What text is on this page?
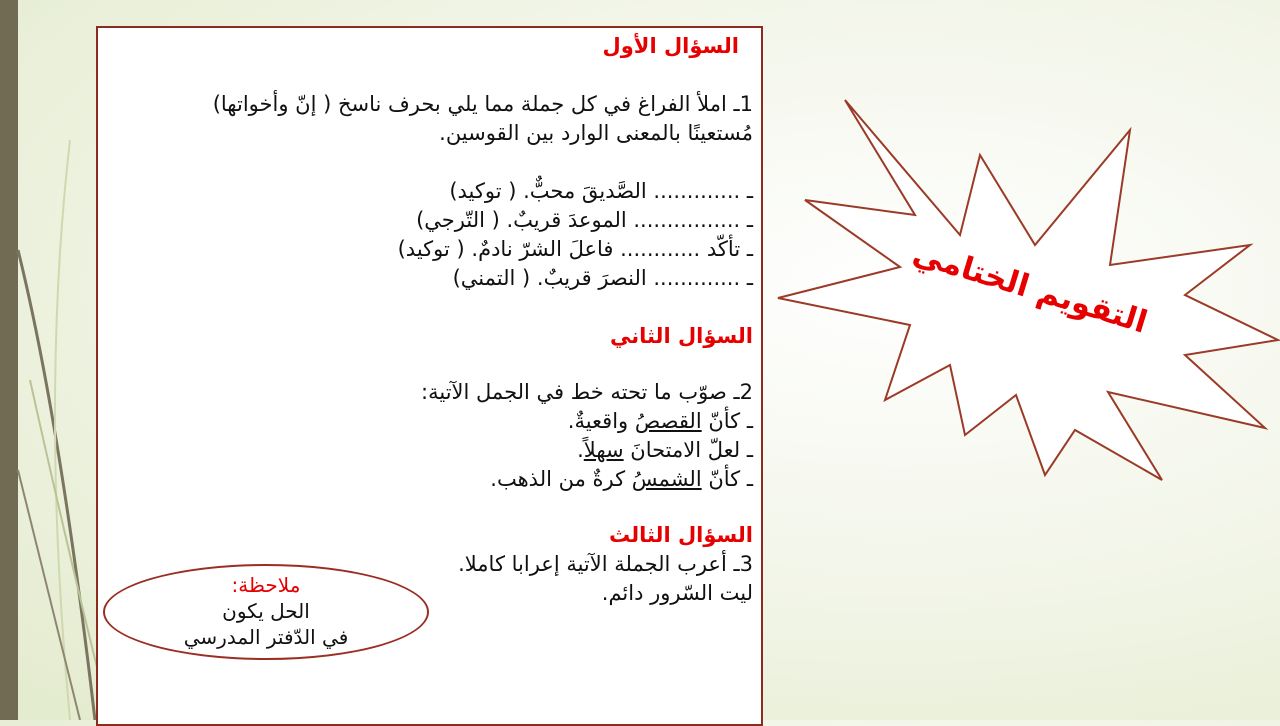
السؤال الأول
1ـ املأ الفراغ في كل جملة مما يلي بحرف ناسخ ( إنّ وأخواتها)
مُستعينًا بالمعنى الوارد بين القوسين.
ـ ............. الصَّديقَ محبٌّ. ( توكيد)
ـ ................ الموعدَ قريبٌ. ( التّرجي)
ـ تأكّد ............ فاعلَ الشرّ نادمٌ. ( توكيد)
ـ ............. النصرَ قريبٌ. ( التمني)
السؤال الثاني
2ـ صوّب ما تحته خط في الجمل الآتية:
ـ كأنّ القصصُ واقعيةٌ.
ـ لعلّ الامتحانَ سهلاً.
ـ كأنّ الشمسُ كرةٌ من الذهب.
السؤال الثالث
3ـ أعرب الجملة الآتية إعرابا كاملا.
ليت السّرور دائم.
ملاحظة:
الحل يكون
في الدّفتر المدرسي
التقويم الختامي
